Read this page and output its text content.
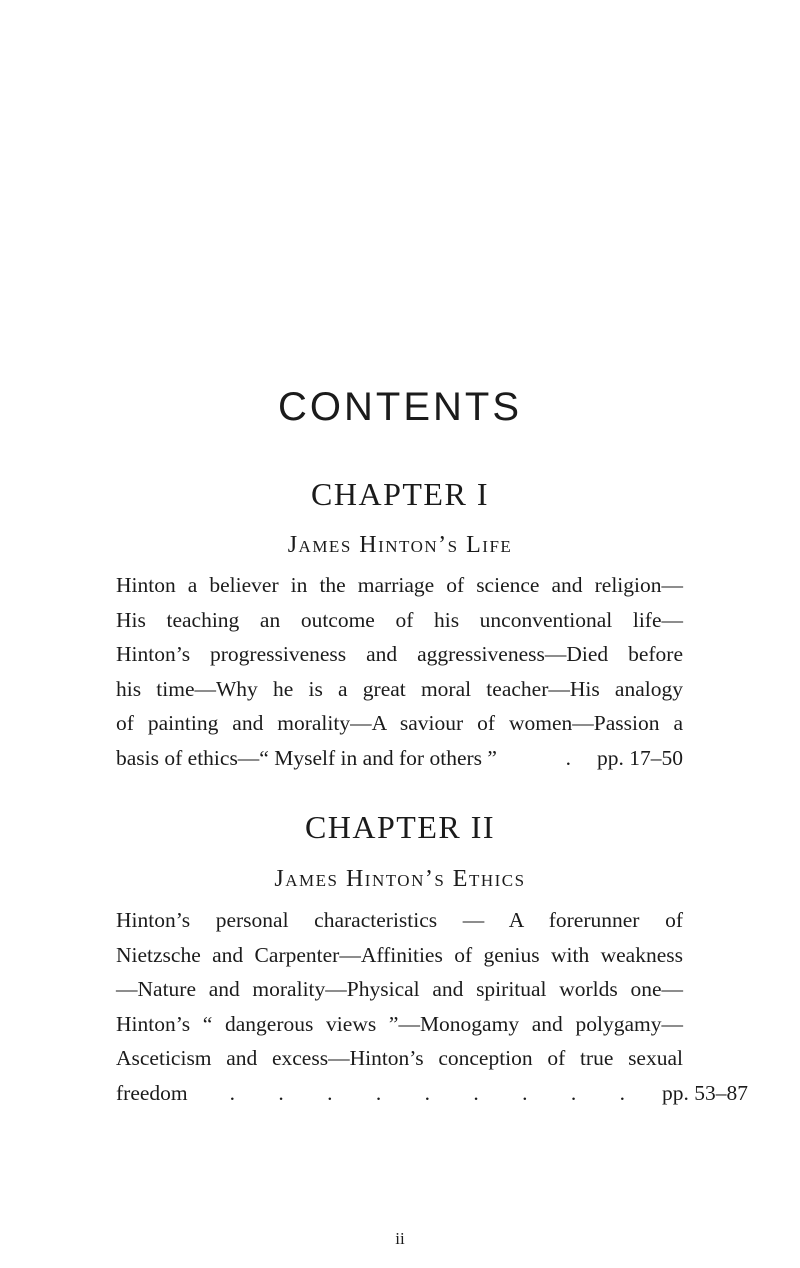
CONTENTS
CHAPTER I
James Hinton’s Life
Hinton a believer in the marriage of science and religion—
His teaching an outcome of his unconventional life—
Hinton’s progressiveness and aggressiveness—Died before
his time—Why he is a great moral teacher—His analogy
of painting and morality—A saviour of women—Passion a
basis of ethics—“ Myself in and for others ”	. pp. 17–50
CHAPTER II
James Hinton’s Ethics
Hinton’s personal characteristics — A forerunner of
Nietzsche and Carpenter—Affinities of genius with weakness
—Nature and morality—Physical and spiritual worlds one—
Hinton’s “ dangerous views ”—Monogamy and polygamy—
Asceticism and excess—Hinton’s conception of true sexual
freedom	. . . . . . . . . pp. 53–87
ii
